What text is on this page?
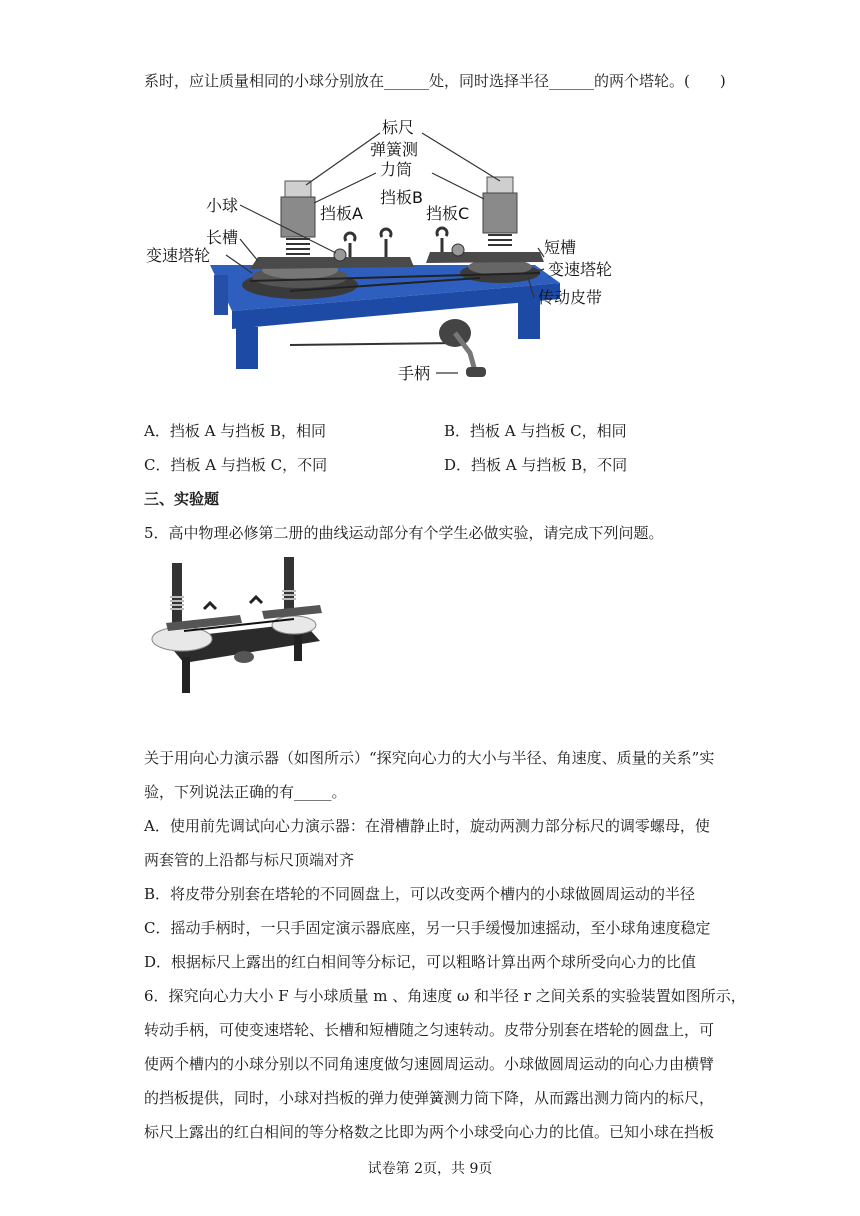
系时，应让质量相同的小球分别放在______处，同时选择半径______的两个塔轮。(　　)
标尺
弹簧测
力筒
挡板B
小球	挡板A	挡板C
长槽
变速塔轮	短槽
变速塔轮
传动皮带
手柄
A．挡板 A 与挡板 B，相同	B．挡板 A 与挡板 C，相同
C．挡板 A 与挡板 C，不同	D．挡板 A 与挡板 B，不同
三、实验题
5．高中物理必修第二册的曲线运动部分有个学生必做实验，请完成下列问题。
关于用向心力演示器（如图所示）“探究向心力的大小与半径、角速度、质量的关系”实
验，下列说法正确的有_____。
A．使用前先调试向心力演示器：在滑槽静止时，旋动两测力部分标尺的调零螺母，使
两套管的上沿都与标尺顶端对齐
B．将皮带分别套在塔轮的不同圆盘上，可以改变两个槽内的小球做圆周运动的半径
C．摇动手柄时，一只手固定演示器底座，另一只手缓慢加速摇动，至小球角速度稳定
D．根据标尺上露出的红白相间等分标记，可以粗略计算出两个球所受向心力的比值
6．探究向心力大小 F 与小球质量 m 、角速度 ω 和半径 r 之间关系的实验装置如图所示，
转动手柄，可使变速塔轮、长槽和短槽随之匀速转动。皮带分别套在塔轮的圆盘上，可
使两个槽内的小球分别以不同角速度做匀速圆周运动。小球做圆周运动的向心力由横臂
的挡板提供，同时，小球对挡板的弹力使弹簧测力筒下降，从而露出测力筒内的标尺，
标尺上露出的红白相间的等分格数之比即为两个小球受向心力的比值。已知小球在挡板
试卷第 2页，共 9页
